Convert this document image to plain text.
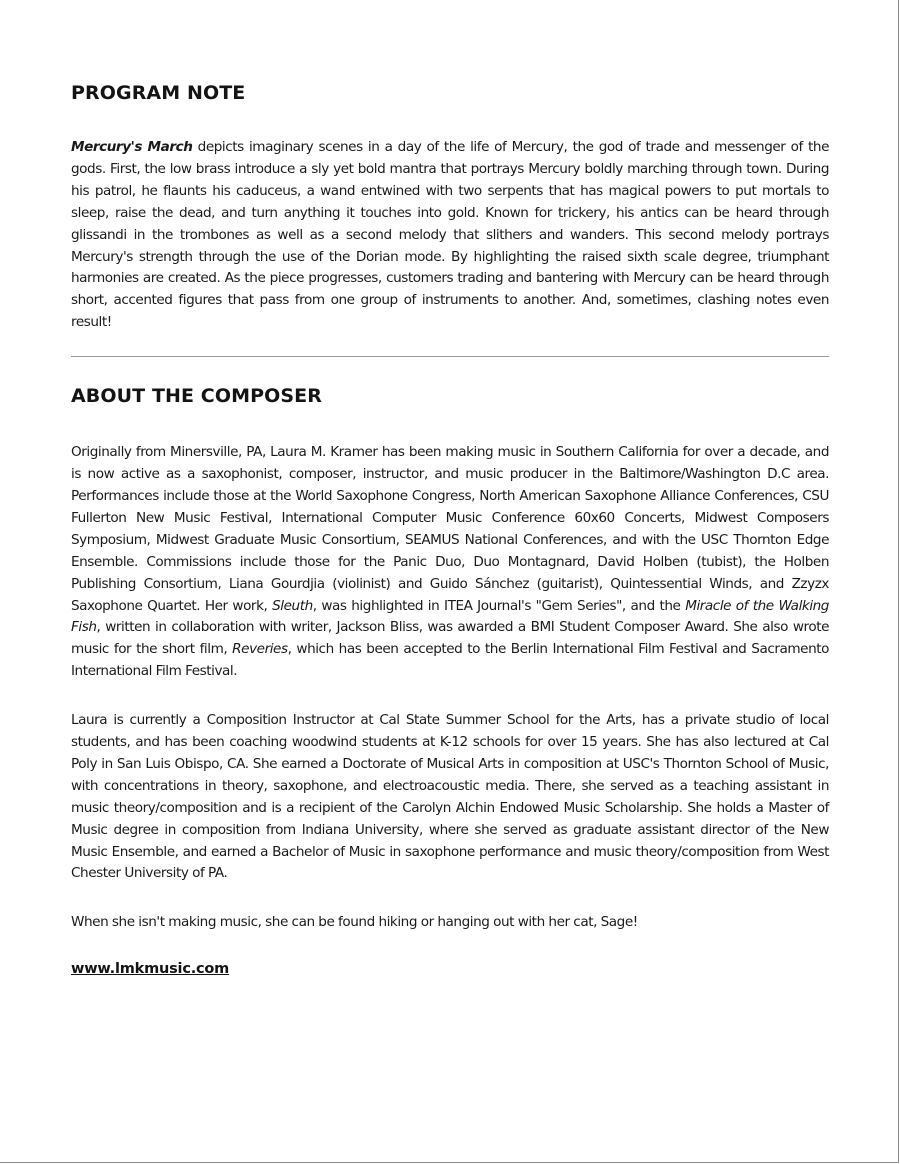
PROGRAM NOTE

Mercury's March depicts imaginary scenes in a day of the life of Mercury, the god of trade and messenger of the gods. First, the low brass introduce a sly yet bold mantra that portrays Mercury boldly marching through town. During his patrol, he flaunts his caduceus, a wand entwined with two serpents that has magical powers to put mortals to sleep, raise the dead, and turn anything it touches into gold. Known for trickery, his antics can be heard through glissandi in the trombones as well as a second melody that slithers and wanders. This second melody portrays Mercury's strength through the use of the Dorian mode. By highlighting the raised sixth scale degree, triumphant harmonies are created. As the piece progresses, customers trading and bantering with Mercury can be heard through short, accented figures that pass from one group of instruments to another. And, sometimes, clashing notes even result!

ABOUT THE COMPOSER

Originally from Minersville, PA, Laura M. Kramer has been making music in Southern California for over a decade, and is now active as a saxophonist, composer, instructor, and music producer in the Baltimore/Washington D.C area. Performances include those at the World Saxophone Congress, North American Saxophone Alliance Conferences, CSU Fullerton New Music Festival, International Computer Music Conference 60x60 Concerts, Midwest Composers Symposium, Midwest Graduate Music Consortium, SEAMUS National Conferences, and with the USC Thornton Edge Ensemble. Commissions include those for the Panic Duo, Duo Montagnard, David Holben (tubist), the Holben Publishing Consortium, Liana Gourdjia (violinist) and Guido Sánchez (guitarist), Quintessential Winds, and Zzyzx Saxophone Quartet. Her work, Sleuth, was highlighted in ITEA Journal's "Gem Series", and the Miracle of the Walking Fish, written in collaboration with writer, Jackson Bliss, was awarded a BMI Student Composer Award. She also wrote music for the short film, Reveries, which has been accepted to the Berlin International Film Festival and Sacramento International Film Festival.

Laura is currently a Composition Instructor at Cal State Summer School for the Arts, has a private studio of local students, and has been coaching woodwind students at K-12 schools for over 15 years. She has also lectured at Cal Poly in San Luis Obispo, CA. She earned a Doctorate of Musical Arts in composition at USC's Thornton School of Music, with concentrations in theory, saxophone, and electroacoustic media. There, she served as a teaching assistant in music theory/composition and is a recipient of the Carolyn Alchin Endowed Music Scholarship. She holds a Master of Music degree in composition from Indiana University, where she served as graduate assistant director of the New Music Ensemble, and earned a Bachelor of Music in saxophone performance and music theory/composition from West Chester University of PA.

When she isn't making music, she can be found hiking or hanging out with her cat, Sage!

www.lmkmusic.com
